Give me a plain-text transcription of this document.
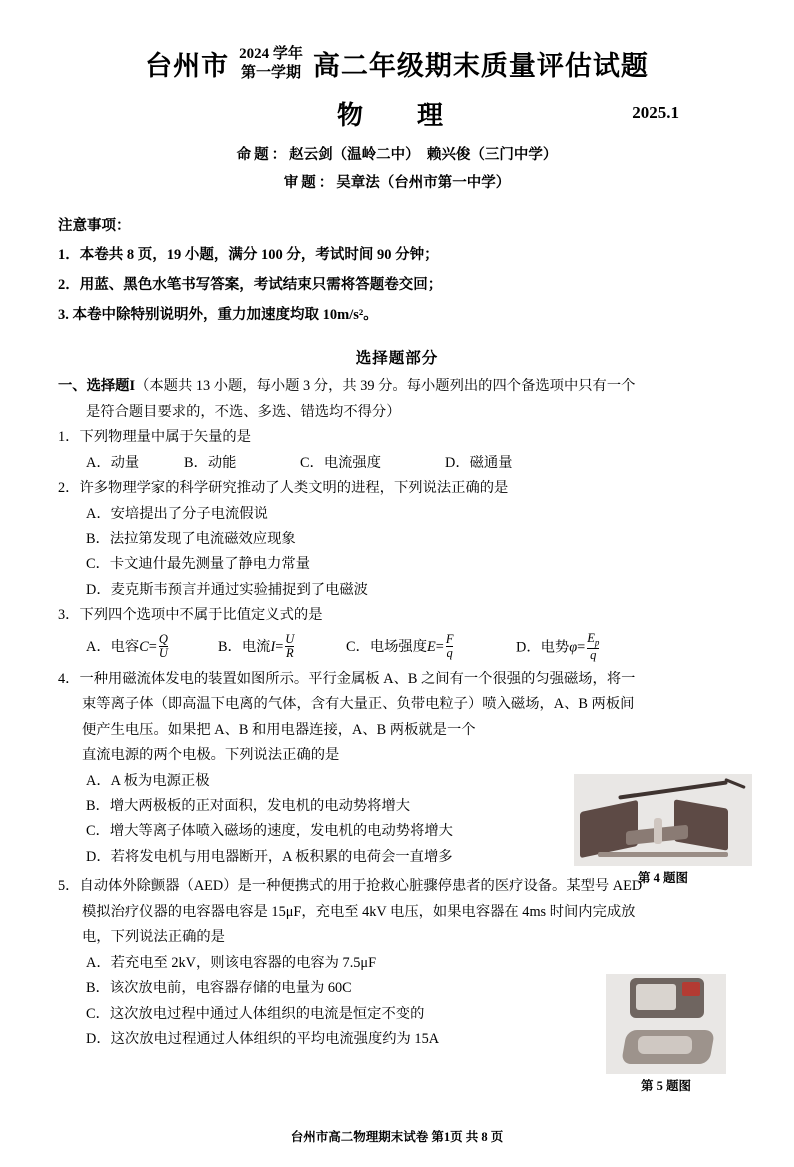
台州市 2024 学年
第一学期 高二年级期末质量评估试题
物　理	2025.1
命题：赵云剑（温岭二中）　赖兴俊（三门中学）
审题：吴章法（台州市第一中学）
注意事项：
1．本卷共 8 页，19 小题，满分 100 分，考试时间 90 分钟；
2．用蓝、黑色水笔书写答案，考试结束只需将答题卷交回；
3. 本卷中除特别说明外，重力加速度均取 10m/s²。
选择题部分
一、选择题I（本题共 13 小题，每小题 3 分，共 39 分。每小题列出的四个备选项中只有一个
是符合题目要求的，不选、多选、错选均不得分）
1．下列物理量中属于矢量的是
A．动量	B．动能	C．电流强度	D．磁通量
2．许多物理学家的科学研究推动了人类文明的进程，下列说法正确的是
A．安培提出了分子电流假说
B．法拉第发现了电流磁效应现象
C．卡文迪什最先测量了静电力常量
D．麦克斯韦预言并通过实验捕捉到了电磁波
3．下列四个选项中不属于比值定义式的是
A．电容$C= \frac{Q}{U}$	B．电流$I= \frac{U}{R}$	C．电场强度$E= \frac{F}{q}$	D．电势$\varphi= \frac{E_p}{q}$
4．一种用磁流体发电的装置如图所示。平行金属板 A、B 之间有一个很强的匀强磁场，将一
束等离子体（即高温下电离的气体，含有大量正、负带电粒子）喷入磁场，A、B 两板间
便产生电压。如果把 A、B 和用电器连接，A、B 两板就是一个
直流电源的两个电极。下列说法正确的是
A．A 板为电源正极
B．增大两极板的正对面积，发电机的电动势将增大
C．增大等离子体喷入磁场的速度，发电机的电动势将增大
D．若将发电机与用电器断开，A 板积累的电荷会一直增多
5．自动体外除颤器（AED）是一种便携式的用于抢救心脏骤停患者的医疗设备。某型号 AED
模拟治疗仪器的电容器电容是 15μF，充电至 4kV 电压，如果电容器在 4ms 时间内完成放
电，下列说法正确的是
A．若充电至 2kV，则该电容器的电容为 7.5μF
B．该次放电前，电容器存储的电量为 60C
C．这次放电过程中通过人体组织的电流是恒定不变的
D．这次放电过程通过人体组织的平均电流强度约为 15A
第 4 题图
第 5 题图
台州市高二物理期末试卷 第1页 共 8 页
